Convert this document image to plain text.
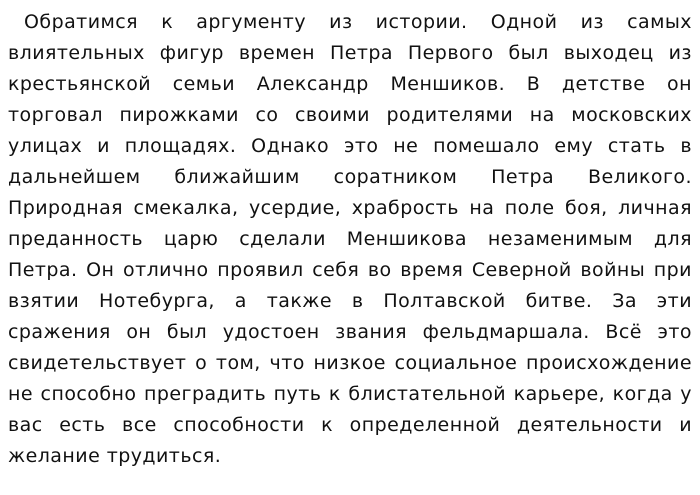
Обратимся к аргументу из истории. Одной из самых влиятельных фигур времен Петра Первого был выходец из крестьянской семьи Александр Меншиков. В детстве он торговал пирожками со своими родителями на московских улицах и площадях. Однако это не помешало ему стать в дальнейшем ближайшим соратником Петра Великого. Природная смекалка, усердие, храбрость на поле боя, личная преданность царю сделали Меншикова незаменимым для Петра. Он отлично проявил себя во время Северной войны при взятии Нотебурга, а также в Полтавской битве. За эти сражения он был удостоен звания фельдмаршала. Всё это свидетельствует о том, что низкое социальное происхождение не способно преградить путь к блистательной карьере, когда у вас есть все способности к определенной деятельности и желание трудиться.
